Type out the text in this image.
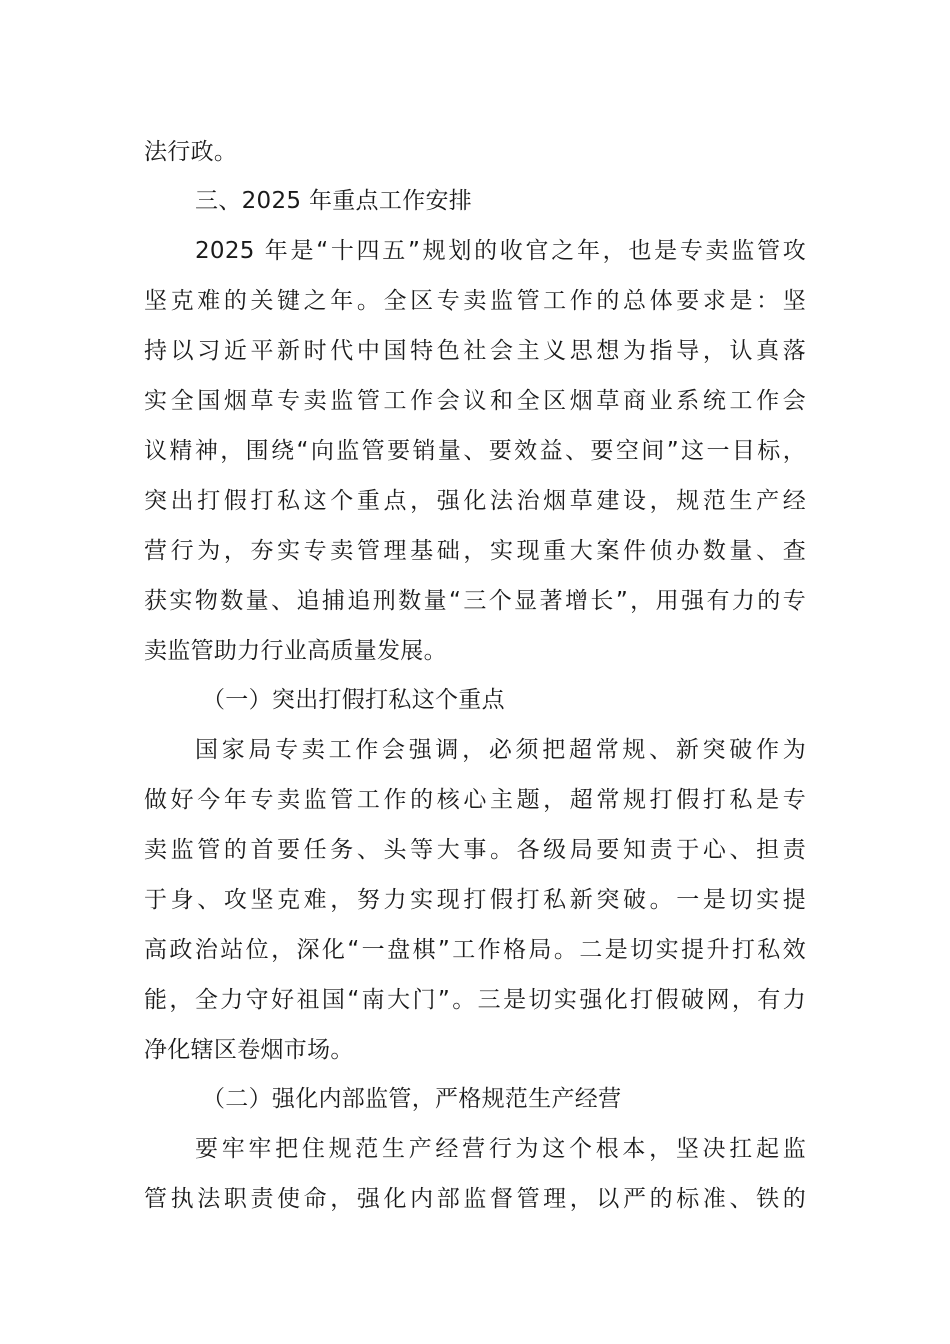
法行政。
三、2025 年重点工作安排
2025 年是“十四五”规划的收官之年，也是专卖监管攻
坚克难的关键之年。全区专卖监管工作的总体要求是：坚
持以习近平新时代中国特色社会主义思想为指导，认真落
实全国烟草专卖监管工作会议和全区烟草商业系统工作会
议精神，围绕“向监管要销量、要效益、要空间”这一目标，
突出打假打私这个重点，强化法治烟草建设，规范生产经
营行为，夯实专卖管理基础，实现重大案件侦办数量、查
获实物数量、追捕追刑数量“三个显著增长”，用强有力的专
卖监管助力行业高质量发展。
（一）突出打假打私这个重点
国家局专卖工作会强调，必须把超常规、新突破作为
做好今年专卖监管工作的核心主题，超常规打假打私是专
卖监管的首要任务、头等大事。各级局要知责于心、担责
于身、攻坚克难，努力实现打假打私新突破。一是切实提
高政治站位，深化“一盘棋”工作格局。二是切实提升打私效
能，全力守好祖国“南大门”。三是切实强化打假破网，有力
净化辖区卷烟市场。
（二）强化内部监管，严格规范生产经营
要牢牢把住规范生产经营行为这个根本，坚决扛起监
管执法职责使命，强化内部监督管理，以严的标准、铁的
